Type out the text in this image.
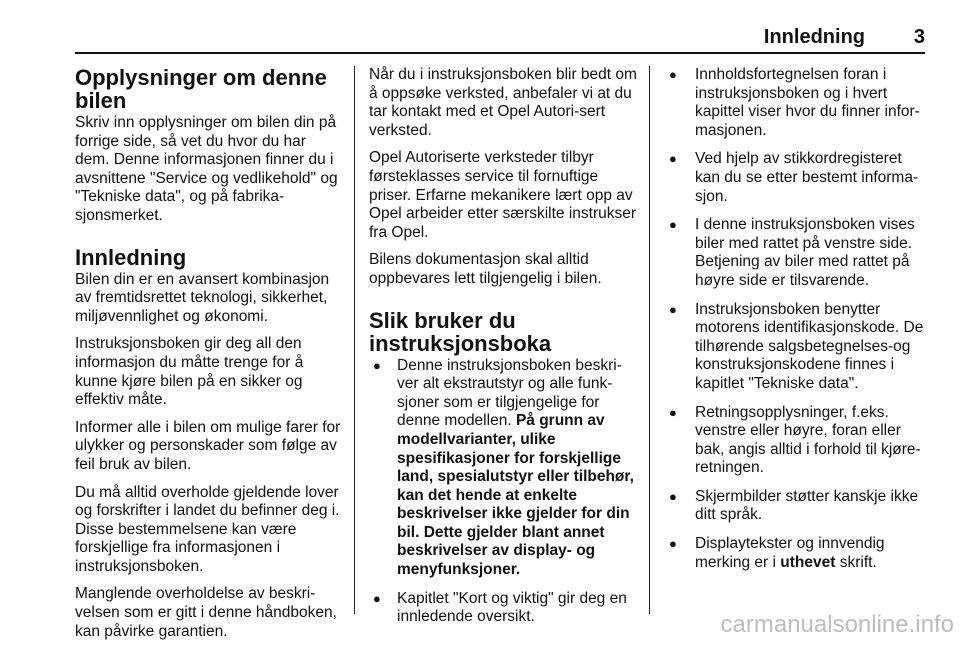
Innledning 3
Opplysninger om denne bilen

Skriv inn opplysninger om bilen din på forrige side, så vet du hvor du har dem. Denne informasjonen finner du i avsnittene "Service og vedlikehold" og "Tekniske data", og på fabrika-sjonsmerket.

Innledning

Bilen din er en avansert kombinasjon av fremtidsrettet teknologi, sikkerhet, miljøvennlighet og økonomi.

Instruksjonsboken gir deg all den informasjon du måtte trenge for å kunne kjøre bilen på en sikker og effektiv måte.

Informer alle i bilen om mulige farer for ulykker og personskader som følge av feil bruk av bilen.

Du må alltid overholde gjeldende lover og forskrifter i landet du befinner deg i. Disse bestemmelsene kan være forskjellige fra informasjonen i instruksjonsboken.

Manglende overholdelse av beskri-velsen som er gitt i denne håndboken, kan påvirke garantien.

Når du i instruksjonsboken blir bedt om å oppsøke verksted, anbefaler vi at du tar kontakt med et Opel Autori-sert verksted.

Opel Autoriserte verksteder tilbyr førsteklasses service til fornuftige priser. Erfarne mekanikere lært opp av Opel arbeider etter særskilte instrukser fra Opel.

Bilens dokumentasjon skal alltid oppbevares lett tilgjengelig i bilen.

Slik bruker du instruksjonsboka
● Denne instruksjonsboken beskri-ver alt ekstrautstyr og alle funk-sjoner som er tilgjengelige for denne modellen. På grunn av modellvarianter, ulike spesifikasjoner for forskjellige land, spesialutstyr eller tilbehør, kan det hende at enkelte beskrivelser ikke gjelder for din bil. Dette gjelder blant annet beskrivelser av display- og menyfunksjoner.
● Kapitlet "Kort og viktig" gir deg en innledende oversikt.
● Innholdsfortegnelsen foran i instruksjonsboken og i hvert kapittel viser hvor du finner infor-masjonen.
● Ved hjelp av stikkordregisteret kan du se etter bestemt informa-sjon.
● I denne instruksjonsboken vises biler med rattet på venstre side. Betjening av biler med rattet på høyre side er tilsvarende.
● Instruksjonsboken benytter motorens identifikasjonskode. De tilhørende salgsbetegnelses-og konstruksjonskodene finnes i kapitlet "Tekniske data".
● Retningsopplysninger, f.eks. venstre eller høyre, foran eller bak, angis alltid i forhold til kjøre-retningen.
● Skjermbilder støtter kanskje ikke ditt språk.
● Displaytekster og innvendig merking er i uthevet skrift.
carmanualsonline.info
